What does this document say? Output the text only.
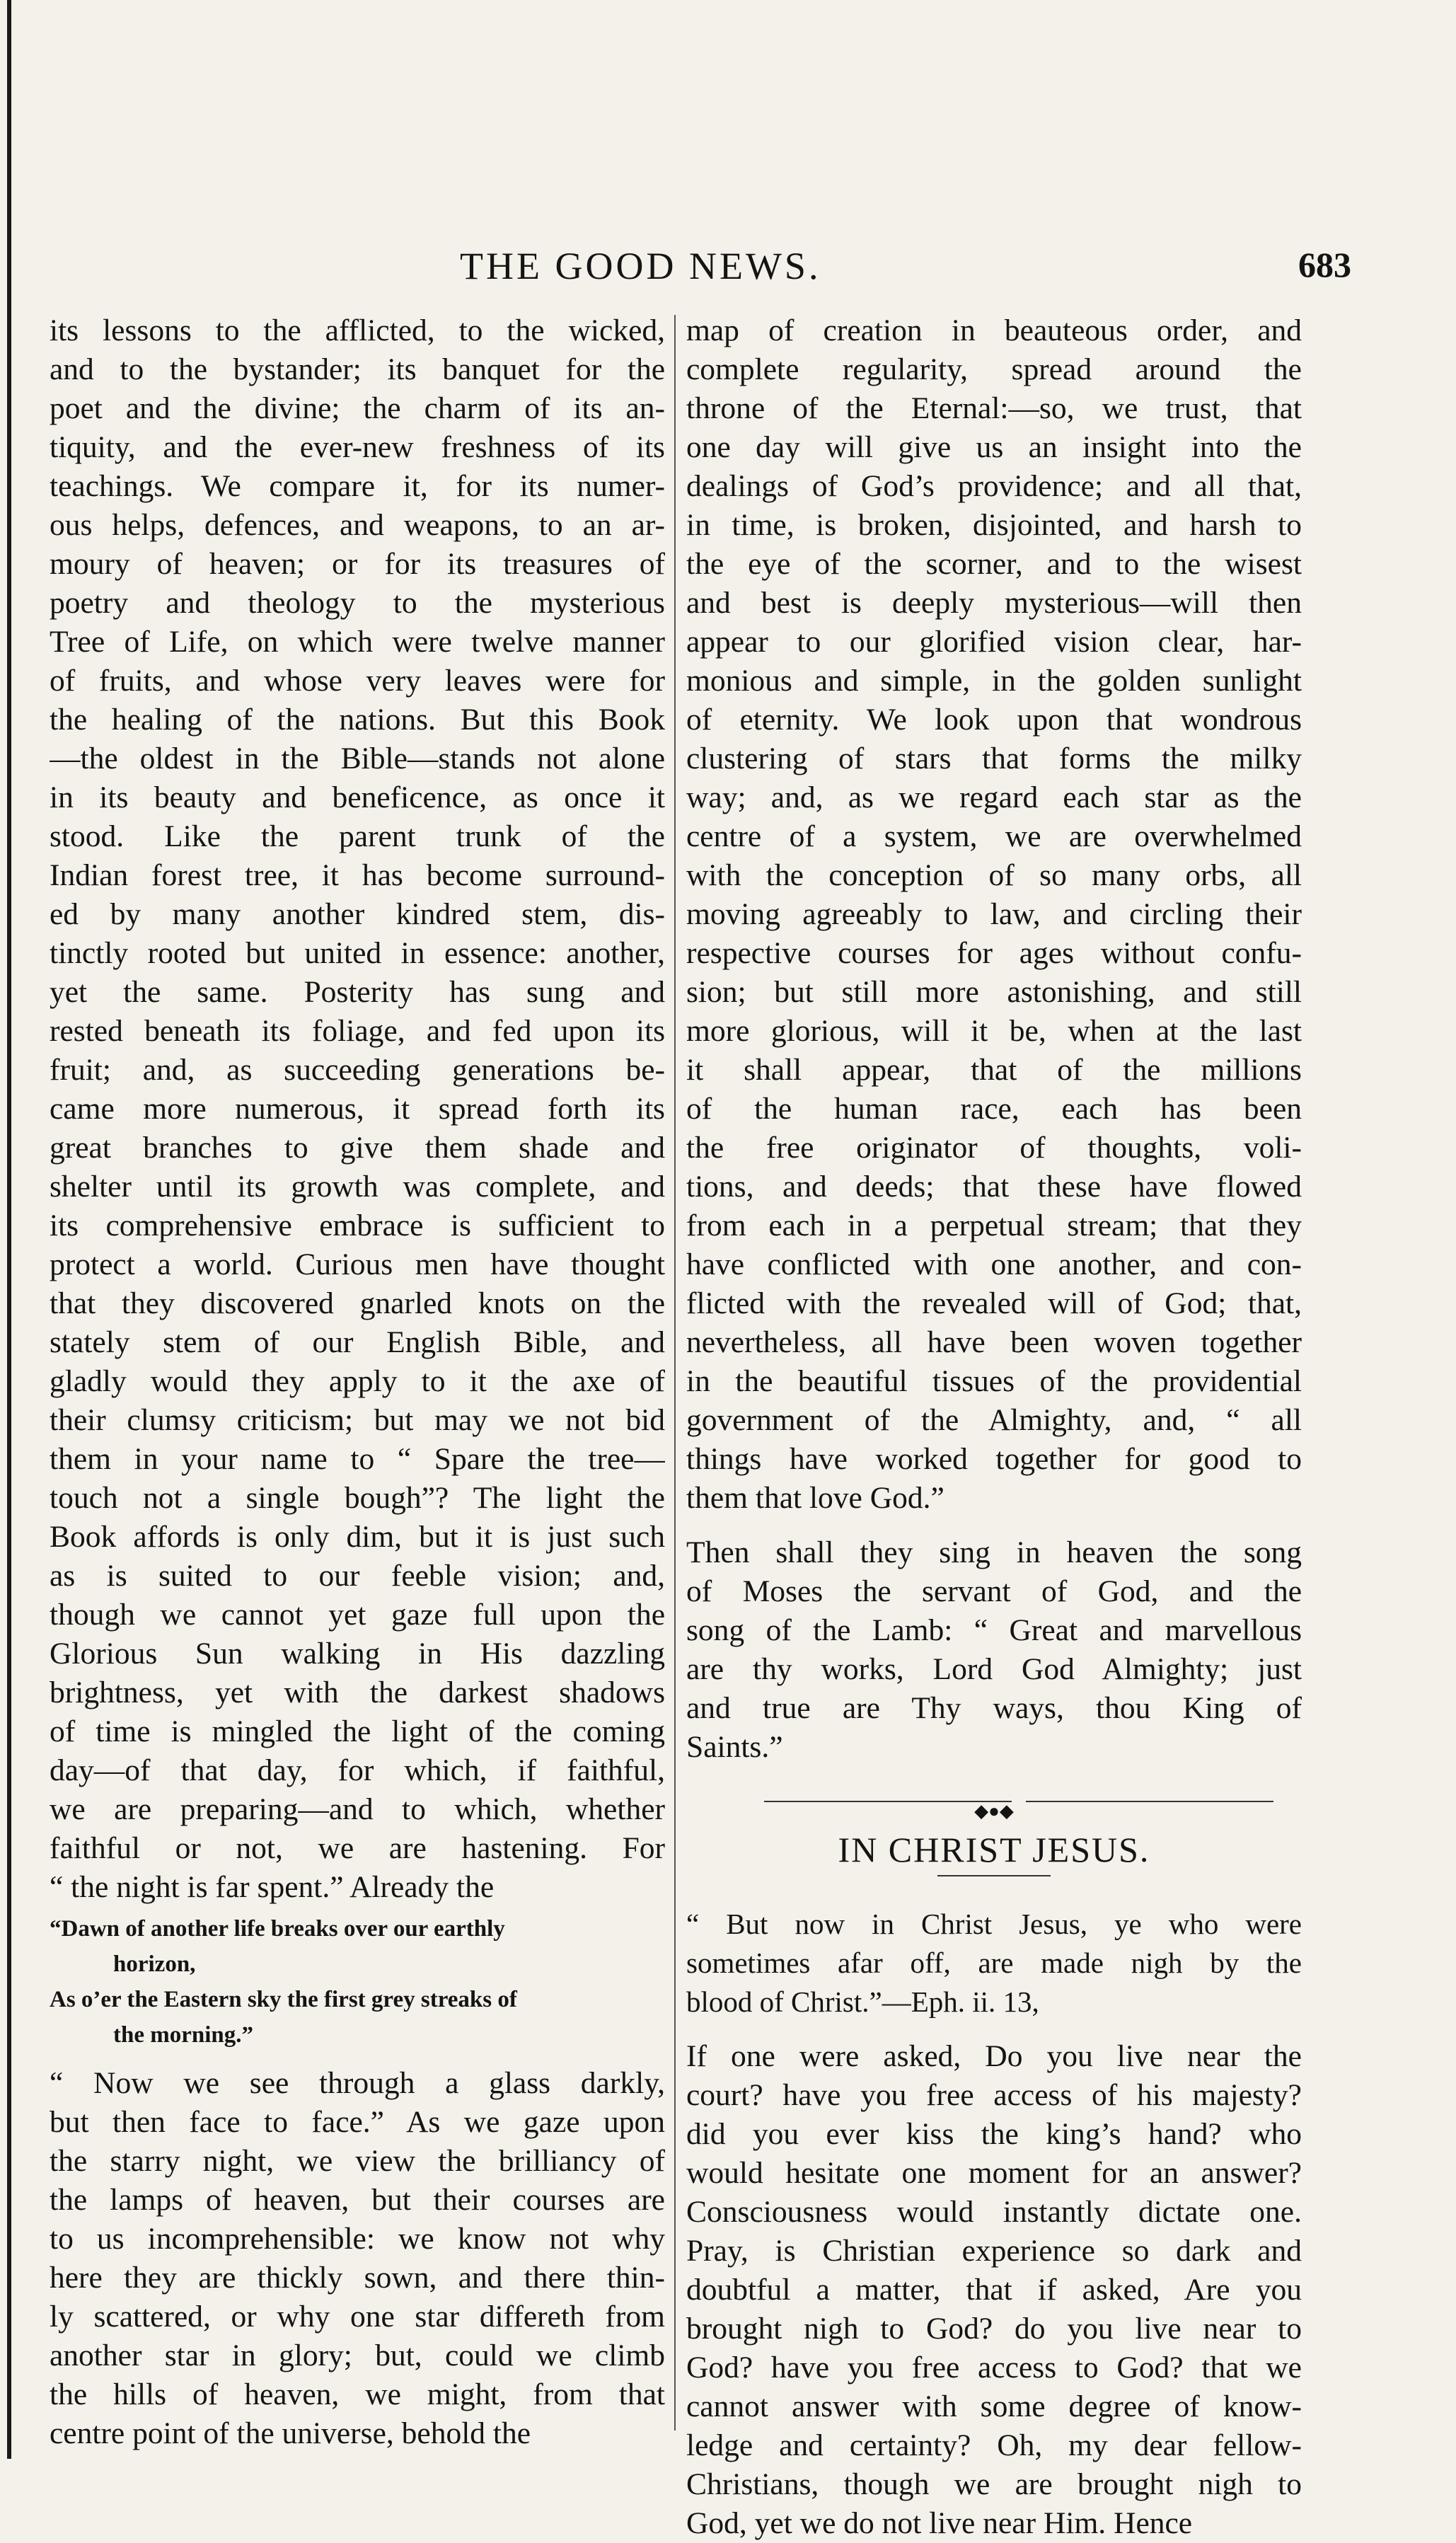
THE GOOD NEWS.	683
its lessons to the afflicted, to the wicked,
and to the bystander; its banquet for the
poet and the divine; the charm of its an-
tiquity, and the ever-new freshness of its
teachings. We compare it, for its numer-
ous helps, defences, and weapons, to an ar-
moury of heaven; or for its treasures of
poetry and theology to the mysterious
Tree of Life, on which were twelve manner
of fruits, and whose very leaves were for
the healing of the nations. But this Book
—the oldest in the Bible—stands not alone
in its beauty and beneficence, as once it
stood. Like the parent trunk of the
Indian forest tree, it has become surround-
ed by many another kindred stem, dis-
tinctly rooted but united in essence: another,
yet the same. Posterity has sung and
rested beneath its foliage, and fed upon its
fruit; and, as succeeding generations be-
came more numerous, it spread forth its
great branches to give them shade and
shelter until its growth was complete, and
its comprehensive embrace is sufficient to
protect a world. Curious men have thought
that they discovered gnarled knots on the
stately stem of our English Bible, and
gladly would they apply to it the axe of
their clumsy criticism; but may we not bid
them in your name to “ Spare the tree—
touch not a single bough”? The light the
Book affords is only dim, but it is just such
as is suited to our feeble vision; and,
though we cannot yet gaze full upon the
Glorious Sun walking in His dazzling
brightness, yet with the darkest shadows
of time is mingled the light of the coming
day—of that day, for which, if faithful,
we are preparing—and to which, whether
faithful or not, we are hastening. For
“ the night is far spent.” Already the
“Dawn of another life breaks over our earthly
horizon,
As o’er the Eastern sky the first grey streaks of
the morning.”
“ Now we see through a glass darkly,
but then face to face.” As we gaze upon
the starry night, we view the brilliancy of
the lamps of heaven, but their courses are
to us incomprehensible: we know not why
here they are thickly sown, and there thin-
ly scattered, or why one star differeth from
another star in glory; but, could we climb
the hills of heaven, we might, from that
centre point of the universe, behold the
map of creation in beauteous order, and
complete regularity, spread around the
throne of the Eternal:—so, we trust, that
one day will give us an insight into the
dealings of God’s providence; and all that,
in time, is broken, disjointed, and harsh to
the eye of the scorner, and to the wisest
and best is deeply mysterious—will then
appear to our glorified vision clear, har-
monious and simple, in the golden sunlight
of eternity. We look upon that wondrous
clustering of stars that forms the milky
way; and, as we regard each star as the
centre of a system, we are overwhelmed
with the conception of so many orbs, all
moving agreeably to law, and circling their
respective courses for ages without confu-
sion; but still more astonishing, and still
more glorious, will it be, when at the last
it shall appear, that of the millions
of the human race, each has been
the free originator of thoughts, voli-
tions, and deeds; that these have flowed
from each in a perpetual stream; that they
have conflicted with one another, and con-
flicted with the revealed will of God; that,
nevertheless, all have been woven together
in the beautiful tissues of the providential
government of the Almighty, and, “ all
things have worked together for good to
them that love God.”
Then shall they sing in heaven the song
of Moses the servant of God, and the
song of the Lamb: “ Great and marvellous
are thy works, Lord God Almighty; just
and true are Thy ways, thou King of
Saints.”
◆●◆
IN CHRIST JESUS.
“ But now in Christ Jesus, ye who were
sometimes afar off, are made nigh by the
blood of Christ.”—Eph. ii. 13,
If one were asked, Do you live near the
court? have you free access of his majesty?
did you ever kiss the king’s hand? who
would hesitate one moment for an answer?
Consciousness would instantly dictate one.
Pray, is Christian experience so dark and
doubtful a matter, that if asked, Are you
brought nigh to God? do you live near to
God? have you free access to God? that we
cannot answer with some degree of know-
ledge and certainty? Oh, my dear fellow-
Christians, though we are brought nigh to
God, yet we do not live near Him. Hence
